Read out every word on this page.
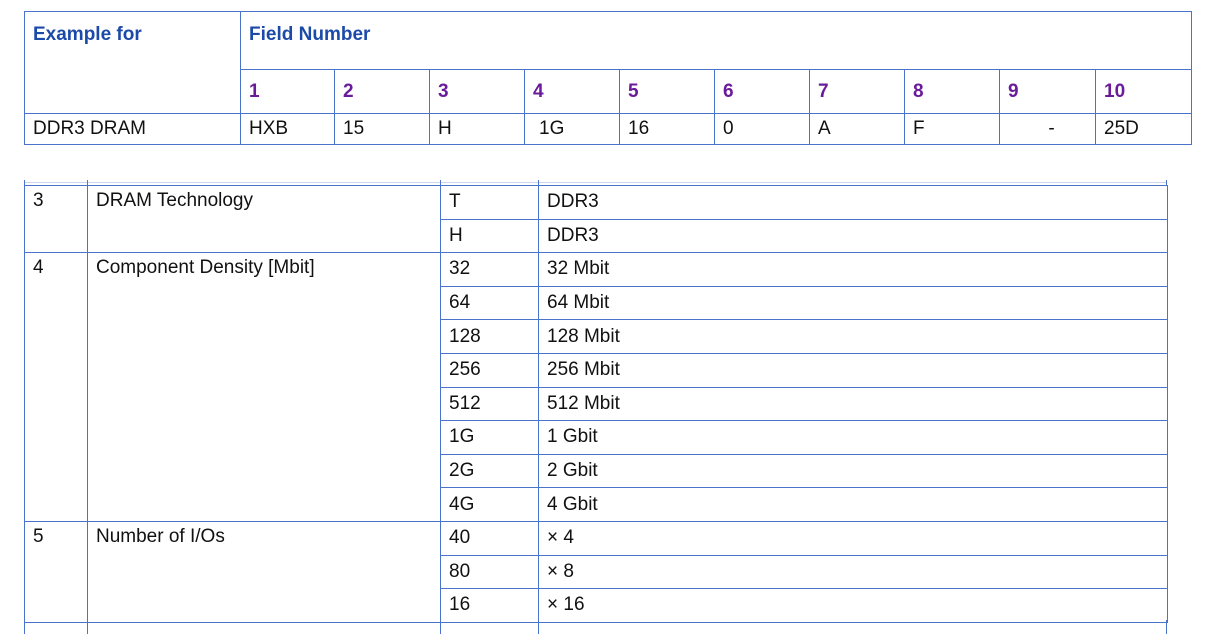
Example for	Field Number									
	1	2	3	4	5	6	7	8	9	10
DDR3 DRAM	HXB	15	H	1G	16	0	A	F	-	25D
3	DRAM Technology	T	DDR3
		H	DDR3
4	Component Density [Mbit]	32	32 Mbit
		64	64 Mbit
		128	128 Mbit
		256	256 Mbit
		512	512 Mbit
		1G	1 Gbit
		2G	2 Gbit
		4G	4 Gbit
5	Number of I/Os	40	× 4
		80	× 8
		16	× 16
